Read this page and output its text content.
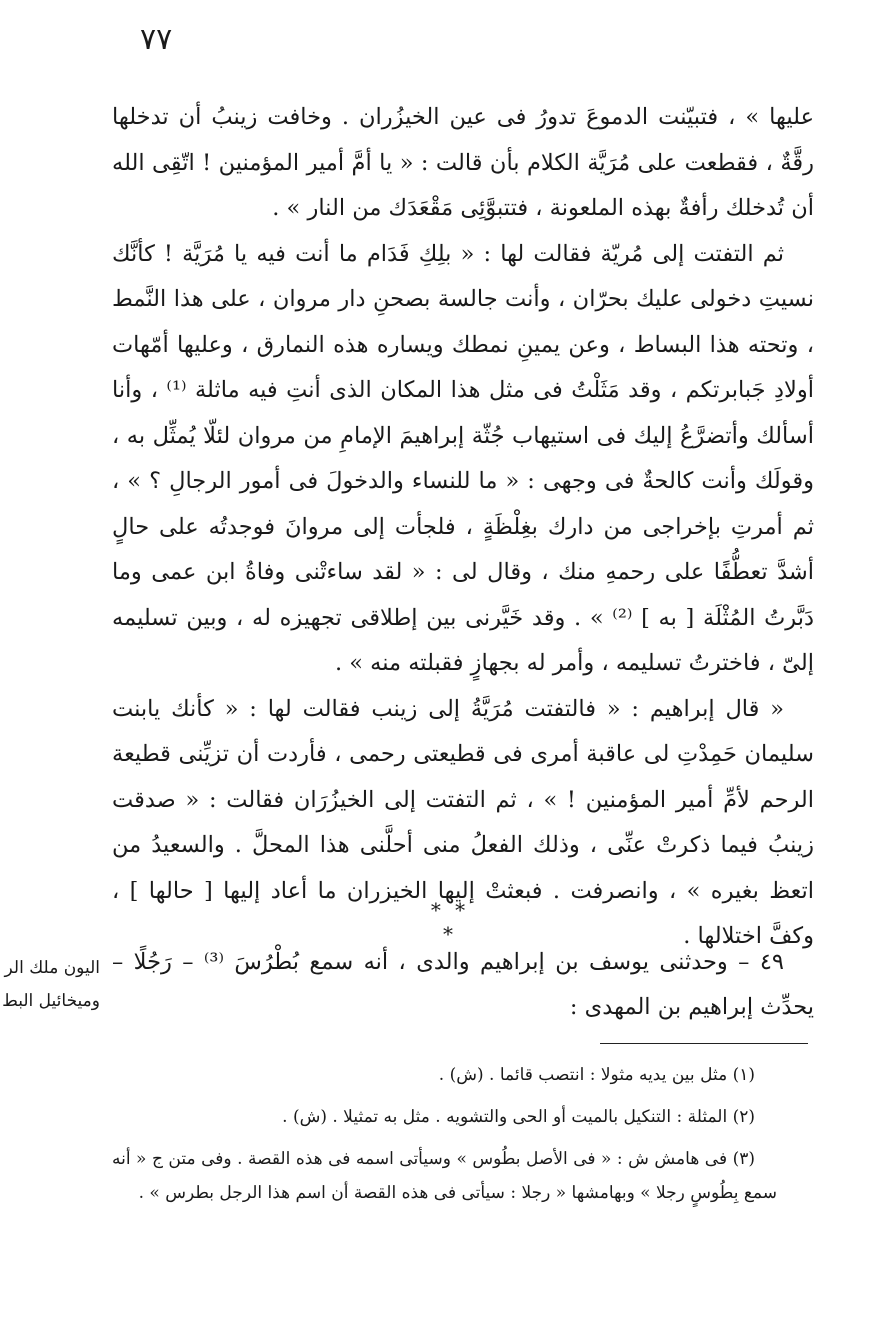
٧٧

عليها » ، فتبيّنت الدموعَ تدورُ فى عين الخيزُران . وخافت زينبُ أن تدخلها رقَّةٌ ، فقطعت على مُرَيَّة الكلام بأن قالت : « يا أمَّ أمير المؤمنين ! اتّقِى الله أن تُدخلك رأفةٌ بهذه الملعونة ، فتتبوَّئِى مَقْعَدَك من النار » .

ثم التفتت إلى مُريّة فقالت لها : « بلِكِ فَدَام ما أنت فيه يا مُرَيَّة ! كأنَّك نسيتِ دخولى عليك بحرّان ، وأنت جالسة بصحنِ دار مروان ، على هذا النَّمط ، وتحته هذا البساط ، وعن يمينِ نمطك ويساره هذه النمارق ، وعليها أمّهات أولادِ جَبابرتكم ، وقد مَثَلْتُ فى مثل هذا المكان الذى أنتِ فيه ماثلة ⁽¹⁾ ، وأنا أسألك وأتضرَّعُ إليك فى استيهاب جُثّة إبراهيمَ الإمامِ من مروان لئلّا يُمثِّل به ، وقولَك وأنت كالحةٌ فى وجهى : « ما للنساء والدخولَ فى أمور الرجالِ ؟ » ، ثم أمرتِ بإخراجى من دارك بغِلْظَةٍ ، فلجأت إلى مروانَ فوجدتُه على حالٍ أشدَّ تعطُّفًا على رحمهِ منك ، وقال لى : « لقد ساءتْنى وفاةُ ابن عمى وما دَبَّرتُ المُثْلَة [ به ] ⁽²⁾ » . وقد خَيَّرنى بين إطلاقى تجهيزه له ، وبين تسليمه إلىّ ، فاخترتُ تسليمه ، وأمر له بجهازٍ فقبلته منه » .

« قال إبراهيم : « فالتفتت مُرَيَّةُ إلى زينب فقالت لها : « كأنك يابنت سليمان حَمِدْتِ لى عاقبة أمرى فى قطيعتى رحمى ، فأردت أن تزيِّنى قطيعة الرحم لأمِّ أمير المؤمنين ! » ، ثم التفتت إلى الخيزُرَان فقالت : « صدقت زينبُ فيما ذكرتْ عنِّى ، وذلك الفعلُ منى أحلَّنى هذا المحلَّ . والسعيدُ من اتعظ بغيره » ، وانصرفت . فبعثتْ إليها الخيزران ما أعاد إليها [ حالها ] ، وكفَّ اختلالها .

* * *

٤٩ – وحدثنى يوسف بن إبراهيم والدى ، أنه سمع بُطْرُسَ ⁽³⁾ – رَجُلًا – يحدِّث إبراهيم بن المهدى :

اليون ملك الر
وميخائيل البط

(١) مثل بين يديه مثولا : انتصب قائما . (ش) .

(٢) المثلة : التنكيل بالميت أو الحى والتشويه . مثل به تمثيلا . (ش) .

(٣) فى هامش ش : « فى الأصل بطُوس » وسيأتى اسمه فى هذه القصة . وفى متن ج « أنه سمع بِطُوسٍ رجلا » وبهامشها « رجلا : سيأتى فى هذه القصة أن اسم هذا الرجل بطرس » .
